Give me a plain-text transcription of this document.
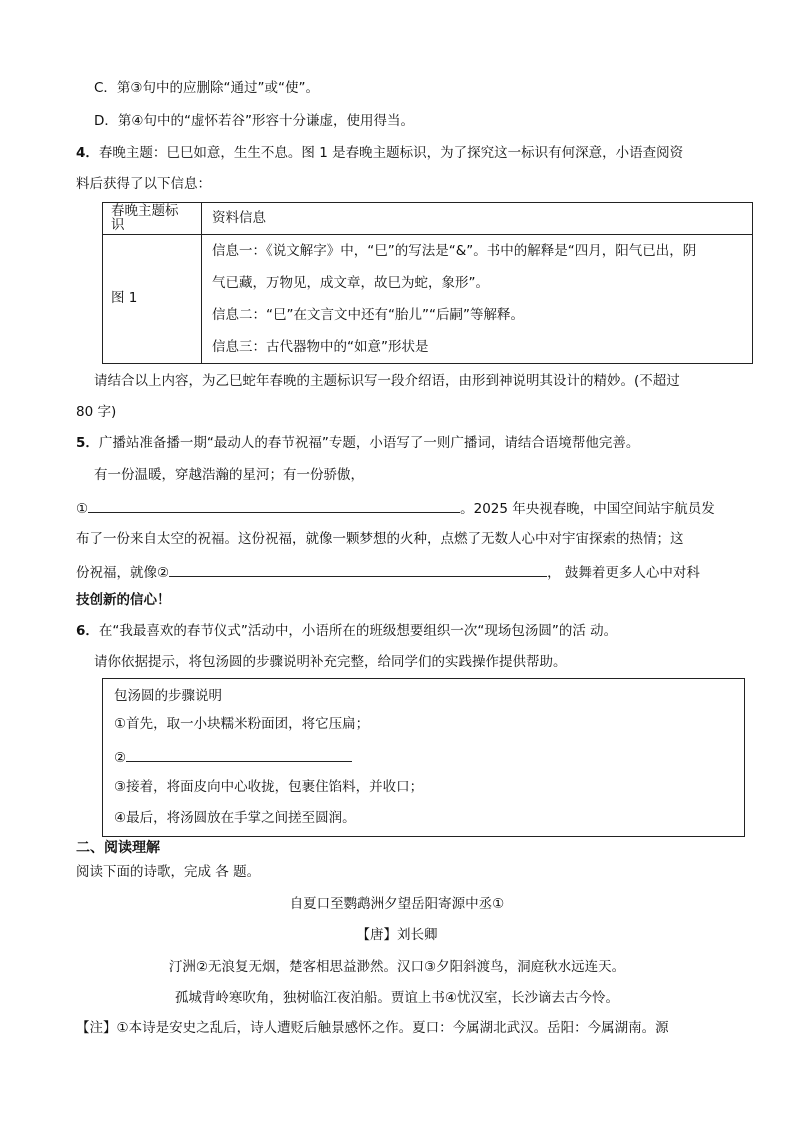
C．第③句中的应删除“通过”或“使”。
D．第④句中的“虚怀若谷”形容十分谦虚，使用得当。
4．春晚主题：巳巳如意，生生不息。图 1 是春晚主题标识，为了探究这一标识有何深意，小语查阅资
料后获得了以下信息：
春晚主题标识	资料信息
图 1	信息一：《说文解字》中，“巳”的写法是“&”。书中的解释是“四月，阳气已出，阴
气已藏，万物见，成文章，故巳为蛇，象形”。
信息二：“巳”在文言文中还有“胎儿”“后嗣”等解释。
信息三：古代器物中的“如意”形状是
请结合以上内容，为乙巳蛇年春晚的主题标识写一段介绍语，由形到神说明其设计的精妙。(不超过
80 字)
5．广播站准备播一期“最动人的春节祝福”专题，小语写了一则广播词，请结合语境帮他完善。
有一份温暖，穿越浩瀚的星河；有一份骄傲，
①	。2025 年央视春晚，中国空间站宇航员发
布了一份来自太空的祝福。这份祝福，就像一颗梦想的火种，点燃了无数人心中对宇宙探索的热情；这
份祝福，就像②	， 鼓舞着更多人心中对科
技创新的信心！
6．在“我最喜欢的春节仪式”活动中，小语所在的班级想要组织一次“现场包汤圆”的活 动。
请你依据提示，将包汤圆的步骤说明补充完整，给同学们的实践操作提供帮助。
包汤圆的步骤说明
①首先，取一小块糯米粉面团，将它压扁；
②
③接着，将面皮向中心收拢，包裹住馅料，并收口；
④最后，将汤圆放在手掌之间搓至圆润。
二、阅读理解
阅读下面的诗歌，完成 各 题。
自夏口至鹦鹉洲夕望岳阳寄源中丞①
【唐】刘长卿
汀洲②无浪复无烟，楚客相思益渺然。汉口③夕阳斜渡鸟，洞庭秋水远连天。
孤城背岭寒吹角，独树临江夜泊船。贾谊上书④忧汉室，长沙谪去古今怜。
【注】①本诗是安史之乱后，诗人遭贬后触景感怀之作。夏口：今属湖北武汉。岳阳：今属湖南。源
